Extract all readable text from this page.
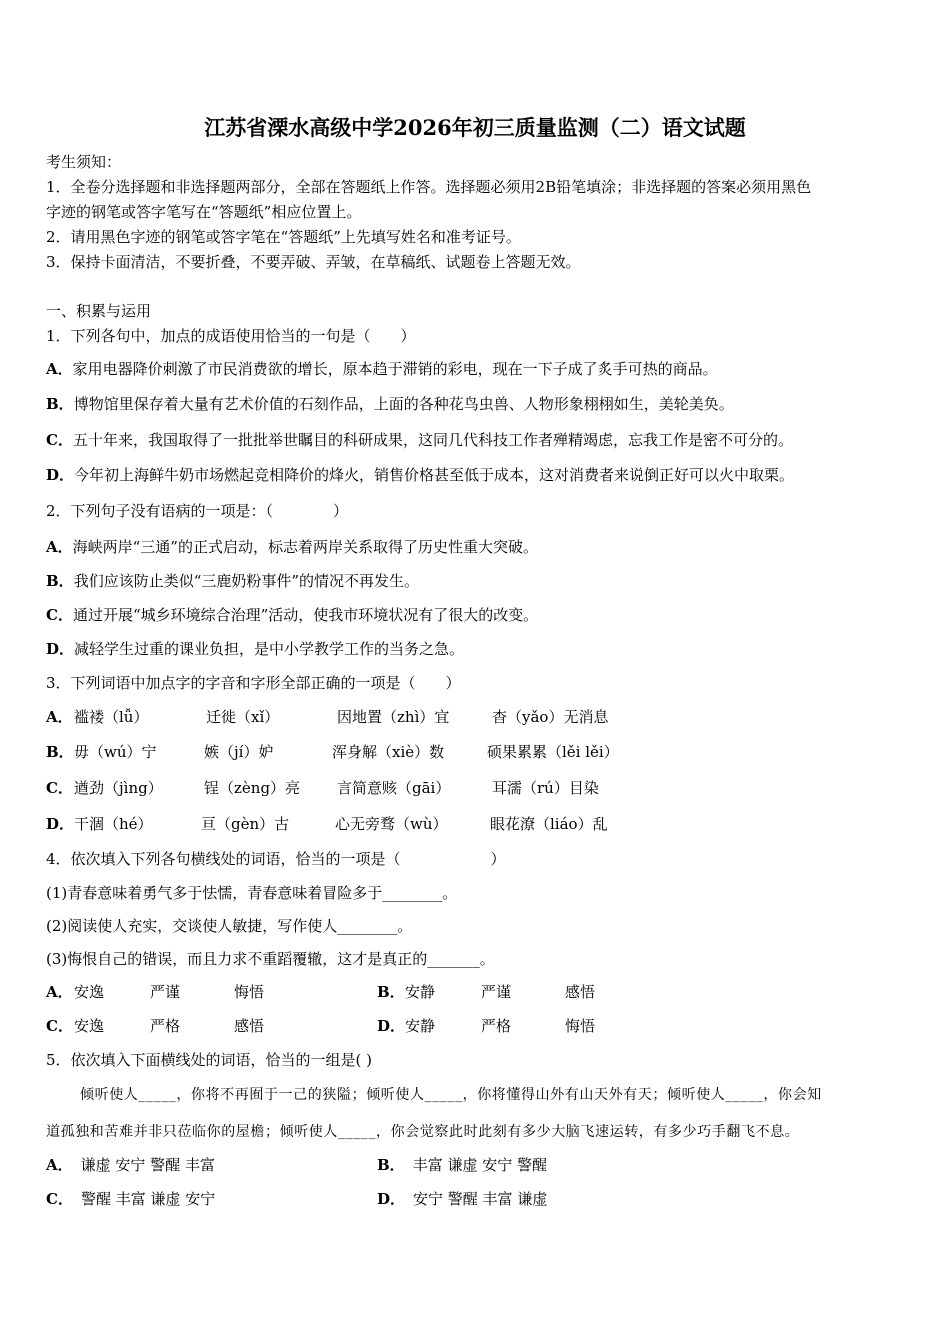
江苏省溧水高级中学2026年初三质量监测（二）语文试题
考生须知：
1．全卷分选择题和非选择题两部分，全部在答题纸上作答。选择题必须用2B铅笔填涂；非选择题的答案必须用黑色
字迹的钢笔或答字笔写在“答题纸”相应位置上。
2．请用黑色字迹的钢笔或答字笔在“答题纸”上先填写姓名和准考证号。
3．保持卡面清洁，不要折叠，不要弄破、弄皱，在草稿纸、试题卷上答题无效。
一、积累与运用
1．下列各句中，加点的成语使用恰当的一句是（　　）
A．家用电器降价刺激了市民消费欲的增长，原本趋于滞销的彩电，现在一下子成了炙手可热的商品。
B．博物馆里保存着大量有艺术价值的石刻作品，上面的各种花鸟虫兽、人物形象栩栩如生，美轮美奂。
C．五十年来，我国取得了一批批举世瞩目的科研成果，这同几代科技工作者殚精竭虑，忘我工作是密不可分的。
D．今年初上海鲜牛奶市场燃起竞相降价的烽火，销售价格甚至低于成本，这对消费者来说倒正好可以火中取栗。
2．下列句子没有语病的一项是：（　　　　）
A．海峡两岸“三通”的正式启动，标志着两岸关系取得了历史性重大突破。
B．我们应该防止类似“三鹿奶粉事件”的情况不再发生。
C．通过开展“城乡环境综合治理”活动，使我市环境状况有了很大的改变。
D．减轻学生过重的课业负担，是中小学教学工作的当务之急。
3．下列词语中加点字的字音和字形全部正确的一项是（　　）
A． 褴褛（lǚ）	迁徙（xǐ）	因地置（zhì）宜	杳（yǎo）无消息
B． 毋（wú）宁	嫉（jí）妒	浑身解（xiè）数	硕果累累（lěi lěi）
C． 遒劲（jìng）	锃（zèng）亮 言简意赅（gāi）	耳濡（rú）目染
D． 干涸（hé）	亘（gèn）古	心无旁骛（wù）	眼花潦（liáo）乱
4．依次填入下列各句横线处的词语，恰当的一项是（　　　　　　）
(1)青春意味着勇气多于怯懦，青春意味着冒险多于________。
(2)阅读使人充实，交谈使人敏捷，写作使人________。
(3)悔恨自己的错误，而且力求不重蹈覆辙，这才是真正的_______。
A． 安逸	严谨	悔悟	B． 安静	严谨	感悟
C． 安逸	严格	感悟	D． 安静	严格	悔悟
5．依次填入下面横线处的词语，恰当的一组是( )
倾听使人_____，你将不再囿于一己的狭隘；倾听使人_____，你将懂得山外有山天外有天；倾听使人_____，你会知
道孤独和苦难并非只莅临你的屋檐；倾听使人_____，你会觉察此时此刻有多少大脑飞速运转，有多少巧手翻飞不息。
A． 谦虚 安宁 警醒 丰富	B． 丰富 谦虚 安宁 警醒
C． 警醒 丰富 谦虚 安宁	D． 安宁 警醒 丰富 谦虚
